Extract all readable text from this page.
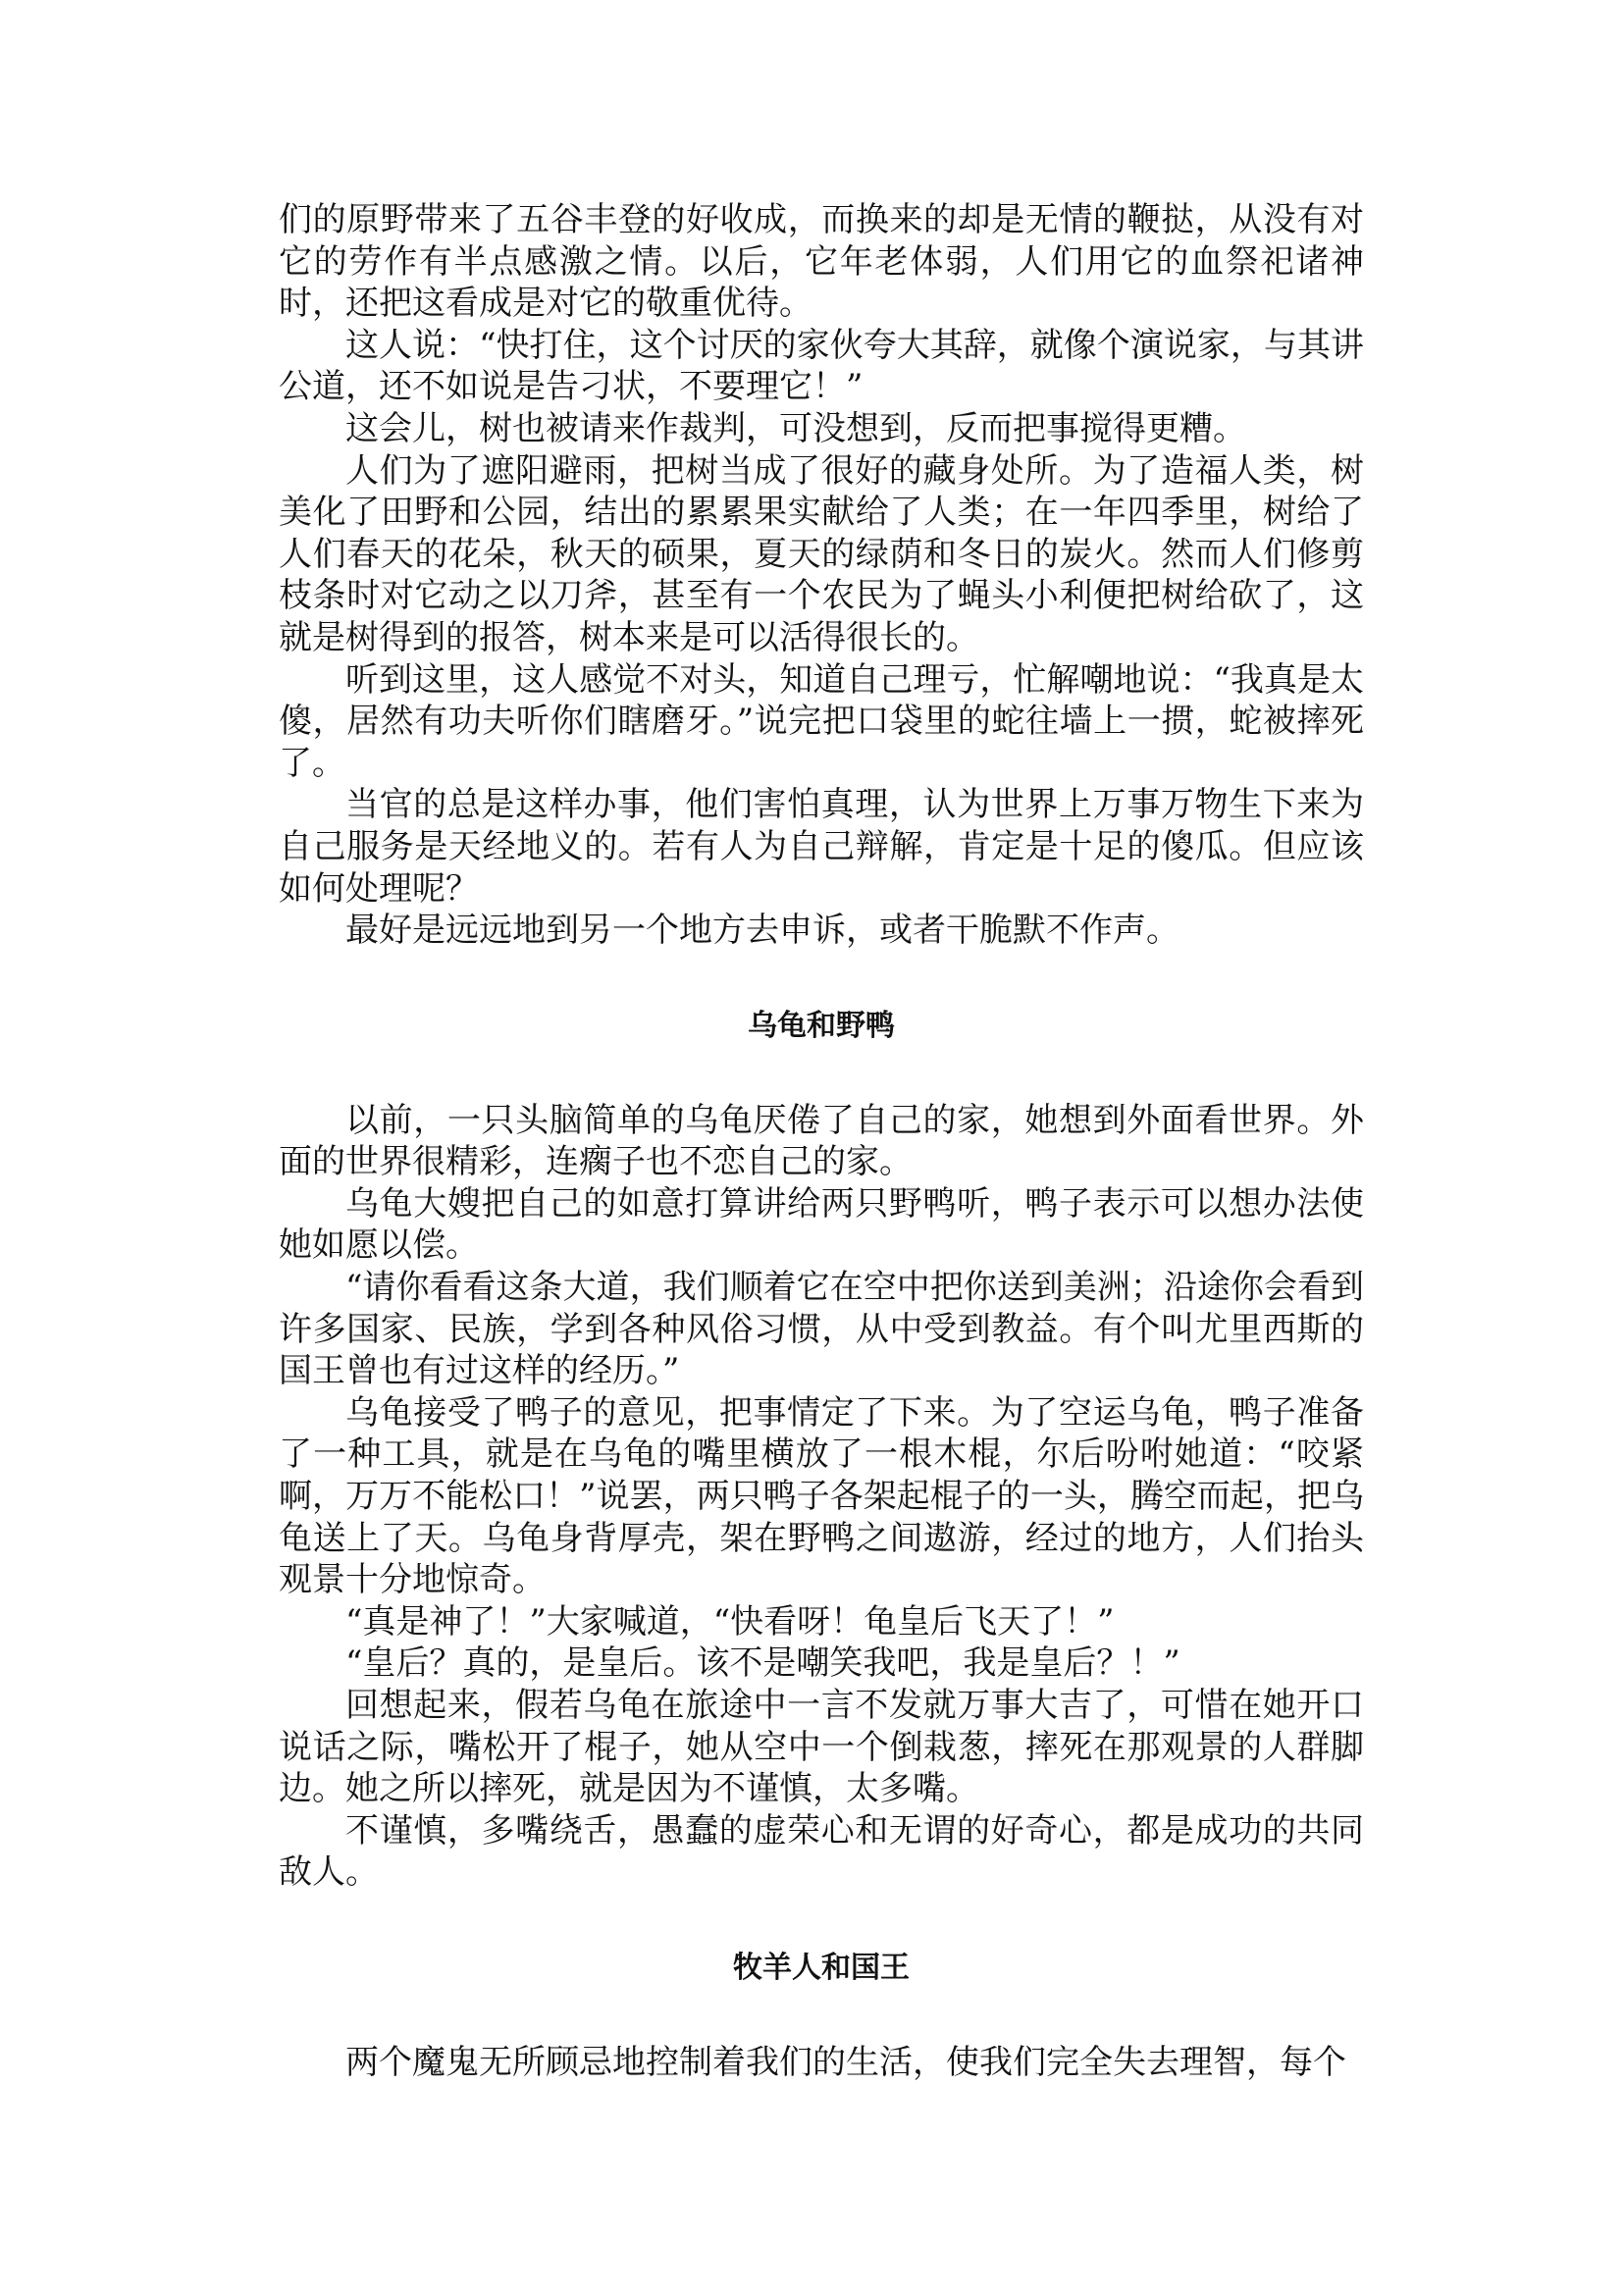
们的原野带来了五谷丰登的好收成，而换来的却是无情的鞭挞，从没有对它的劳作有半点感激之情。以后，它年老体弱，人们用它的血祭祀诸神时，还把这看成是对它的敬重优待。

这人说：“快打住，这个讨厌的家伙夸大其辞，就像个演说家，与其讲公道，还不如说是告刁状，不要理它！”

这会儿，树也被请来作裁判，可没想到，反而把事搅得更糟。

人们为了遮阳避雨，把树当成了很好的藏身处所。为了造福人类，树美化了田野和公园，结出的累累果实献给了人类；在一年四季里，树给了人们春天的花朵，秋天的硕果，夏天的绿荫和冬日的炭火。然而人们修剪枝条时对它动之以刀斧，甚至有一个农民为了蝇头小利便把树给砍了，这就是树得到的报答，树本来是可以活得很长的。

听到这里，这人感觉不对头，知道自己理亏，忙解嘲地说：“我真是太傻，居然有功夫听你们瞎磨牙。”说完把口袋里的蛇往墙上一掼，蛇被摔死了。

当官的总是这样办事，他们害怕真理，认为世界上万事万物生下来为自己服务是天经地义的。若有人为自己辩解，肯定是十足的傻瓜。但应该如何处理呢？

最好是远远地到另一个地方去申诉，或者干脆默不作声。

乌龟和野鸭

以前，一只头脑简单的乌龟厌倦了自己的家，她想到外面看世界。外面的世界很精彩，连瘸子也不恋自己的家。

乌龟大嫂把自己的如意打算讲给两只野鸭听，鸭子表示可以想办法使她如愿以偿。

“请你看看这条大道，我们顺着它在空中把你送到美洲；沿途你会看到许多国家、民族，学到各种风俗习惯，从中受到教益。有个叫尤里西斯的国王曾也有过这样的经历。”

乌龟接受了鸭子的意见，把事情定了下来。为了空运乌龟，鸭子准备了一种工具，就是在乌龟的嘴里横放了一根木棍，尔后吩咐她道：“咬紧啊，万万不能松口！”说罢，两只鸭子各架起棍子的一头，腾空而起，把乌龟送上了天。乌龟身背厚壳，架在野鸭之间遨游，经过的地方，人们抬头观景十分地惊奇。

“真是神了！”大家喊道，“快看呀！龟皇后飞天了！”

“皇后？真的，是皇后。该不是嘲笑我吧，我是皇后？！”

回想起来，假若乌龟在旅途中一言不发就万事大吉了，可惜在她开口说话之际，嘴松开了棍子，她从空中一个倒栽葱，摔死在那观景的人群脚边。她之所以摔死，就是因为不谨慎，太多嘴。

不谨慎，多嘴绕舌，愚蠢的虚荣心和无谓的好奇心，都是成功的共同敌人。

牧羊人和国王

两个魔鬼无所顾忌地控制着我们的生活，使我们完全失去理智，每个
